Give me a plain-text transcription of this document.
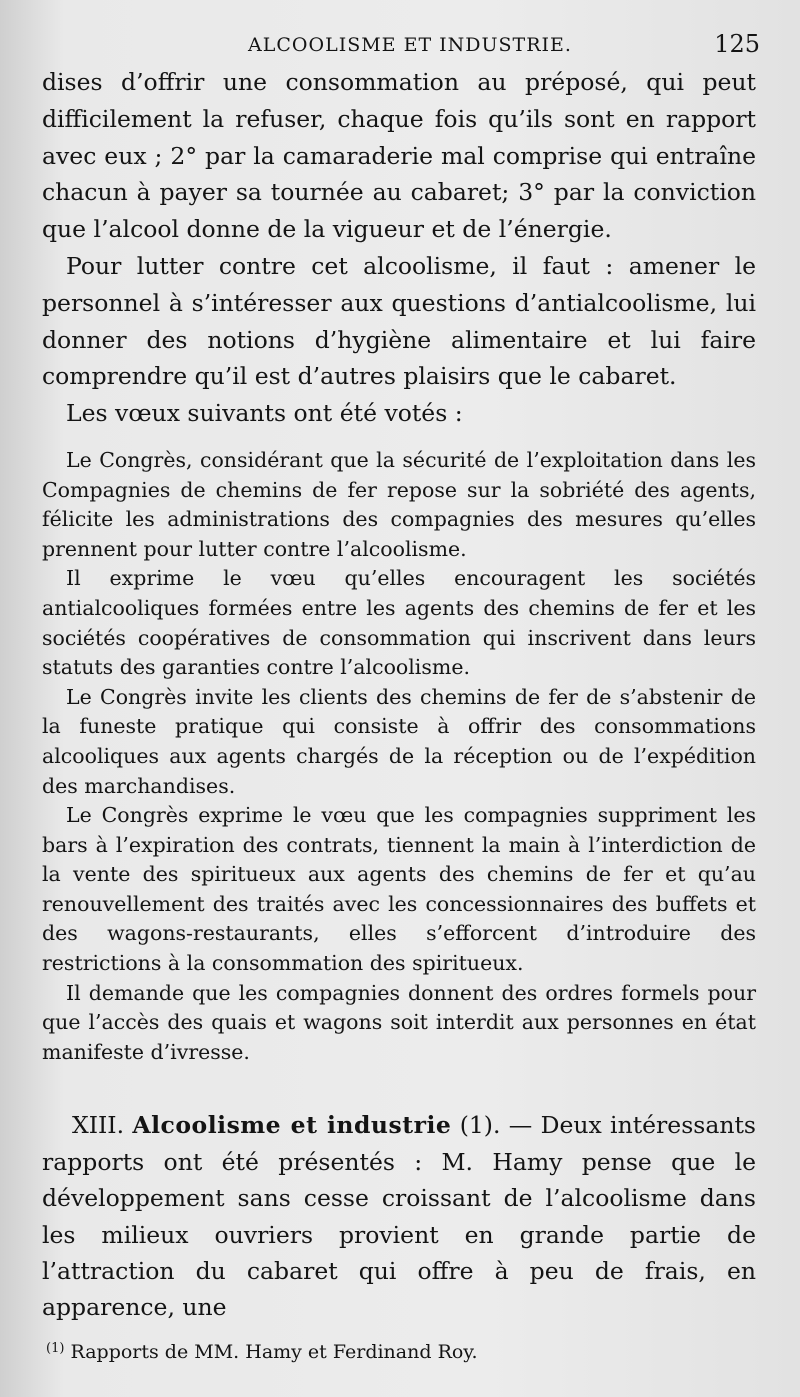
ALCOOLISME ET INDUSTRIE.	125

dises d’offrir une consommation au préposé, qui peut difficilement la refuser, chaque fois qu’ils sont en rapport avec eux ; 2° par la camaraderie mal comprise qui entraîne chacun à payer sa tournée au cabaret; 3° par la conviction que l’alcool donne de la vigueur et de l’énergie.

Pour lutter contre cet alcoolisme, il faut : amener le personnel à s’intéresser aux questions d’antialcoolisme, lui donner des notions d’hygiène alimentaire et lui faire comprendre qu’il est d’autres plaisirs que le cabaret.

Les vœux suivants ont été votés :

Le Congrès, considérant que la sécurité de l’exploitation dans les Compagnies de chemins de fer repose sur la sobriété des agents, félicite les administrations des compagnies des mesures qu’elles prennent pour lutter contre l’alcoolisme.

Il exprime le vœu qu’elles encouragent les sociétés antialcooliques formées entre les agents des chemins de fer et les sociétés coopératives de consommation qui inscrivent dans leurs statuts des garanties contre l’alcoolisme.

Le Congrès invite les clients des chemins de fer de s’abstenir de la funeste pratique qui consiste à offrir des consommations alcooliques aux agents chargés de la réception ou de l’expédition des marchandises.

Le Congrès exprime le vœu que les compagnies suppriment les bars à l’expiration des contrats, tiennent la main à l’interdiction de la vente des spiritueux aux agents des chemins de fer et qu’au renouvellement des traités avec les concessionnaires des buffets et des wagons-restaurants, elles s’efforcent d’introduire des restrictions à la consommation des spiritueux.

Il demande que les compagnies donnent des ordres formels pour que l’accès des quais et wagons soit interdit aux personnes en état manifeste d’ivresse.

XIII. Alcoolisme et industrie (1). — Deux intéressants rapports ont été présentés : M. Hamy pense que le développement sans cesse croissant de l’alcoolisme dans les milieux ouvriers provient en grande partie de l’attraction du cabaret qui offre à peu de frais, en apparence, une

$^{(1)}$ Rapports de MM. Hamy et Ferdinand Roy.
